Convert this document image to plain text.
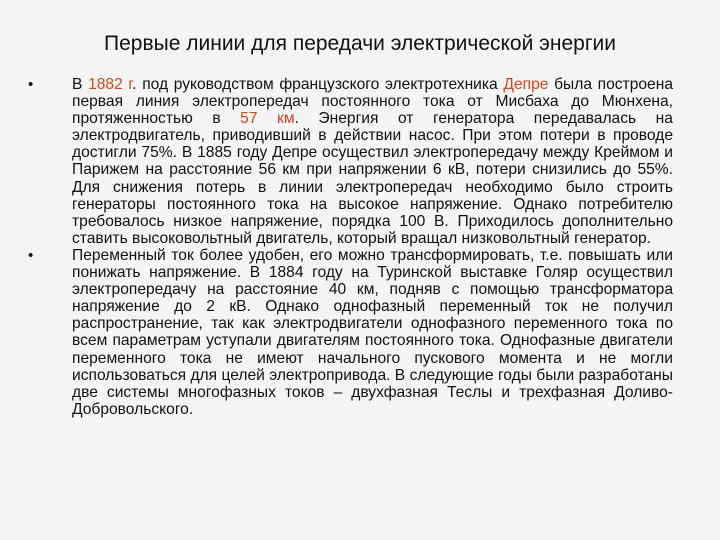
Первые линии для передачи электрической энергии
• В 1882 г. под руководством французского электротехника Депре была построена первая линия электропередач постоянного тока от Мисбаха до Мюнхена, протяженностью в 57 км. Энергия от генератора передавалась на электродвигатель, приводивший в действии насос. При этом потери в проводе достигли 75%. В 1885 году Депре осуществил электропередачу между Креймом и Парижем на расстояние 56 км при напряжении 6 кВ, потери снизились до 55%. Для снижения потерь в линии электропередач необходимо было строить генераторы постоянного тока на высокое напряжение. Однако потребителю требовалось низкое напряжение, порядка 100 В. Приходилось дополнительно ставить высоковольтный двигатель, который вращал низковольтный генератор.
• Переменный ток более удобен, его можно трансформировать, т.е. повышать или понижать напряжение. В 1884 году на Туринской выставке Голяр осуществил электропередачу на расстояние 40 км, подняв с помощью трансформатора напряжение до 2 кВ. Однако однофазный переменный ток не получил распространение, так как электродвигатели однофазного переменного тока по всем параметрам уступали двигателям постоянного тока. Однофазные двигатели переменного тока не имеют начального пускового момента и не могли использоваться для целей электропривода. В следующие годы были разработаны две системы многофазных токов – двухфазная Теслы и трехфазная Доливо-Добровольского.
